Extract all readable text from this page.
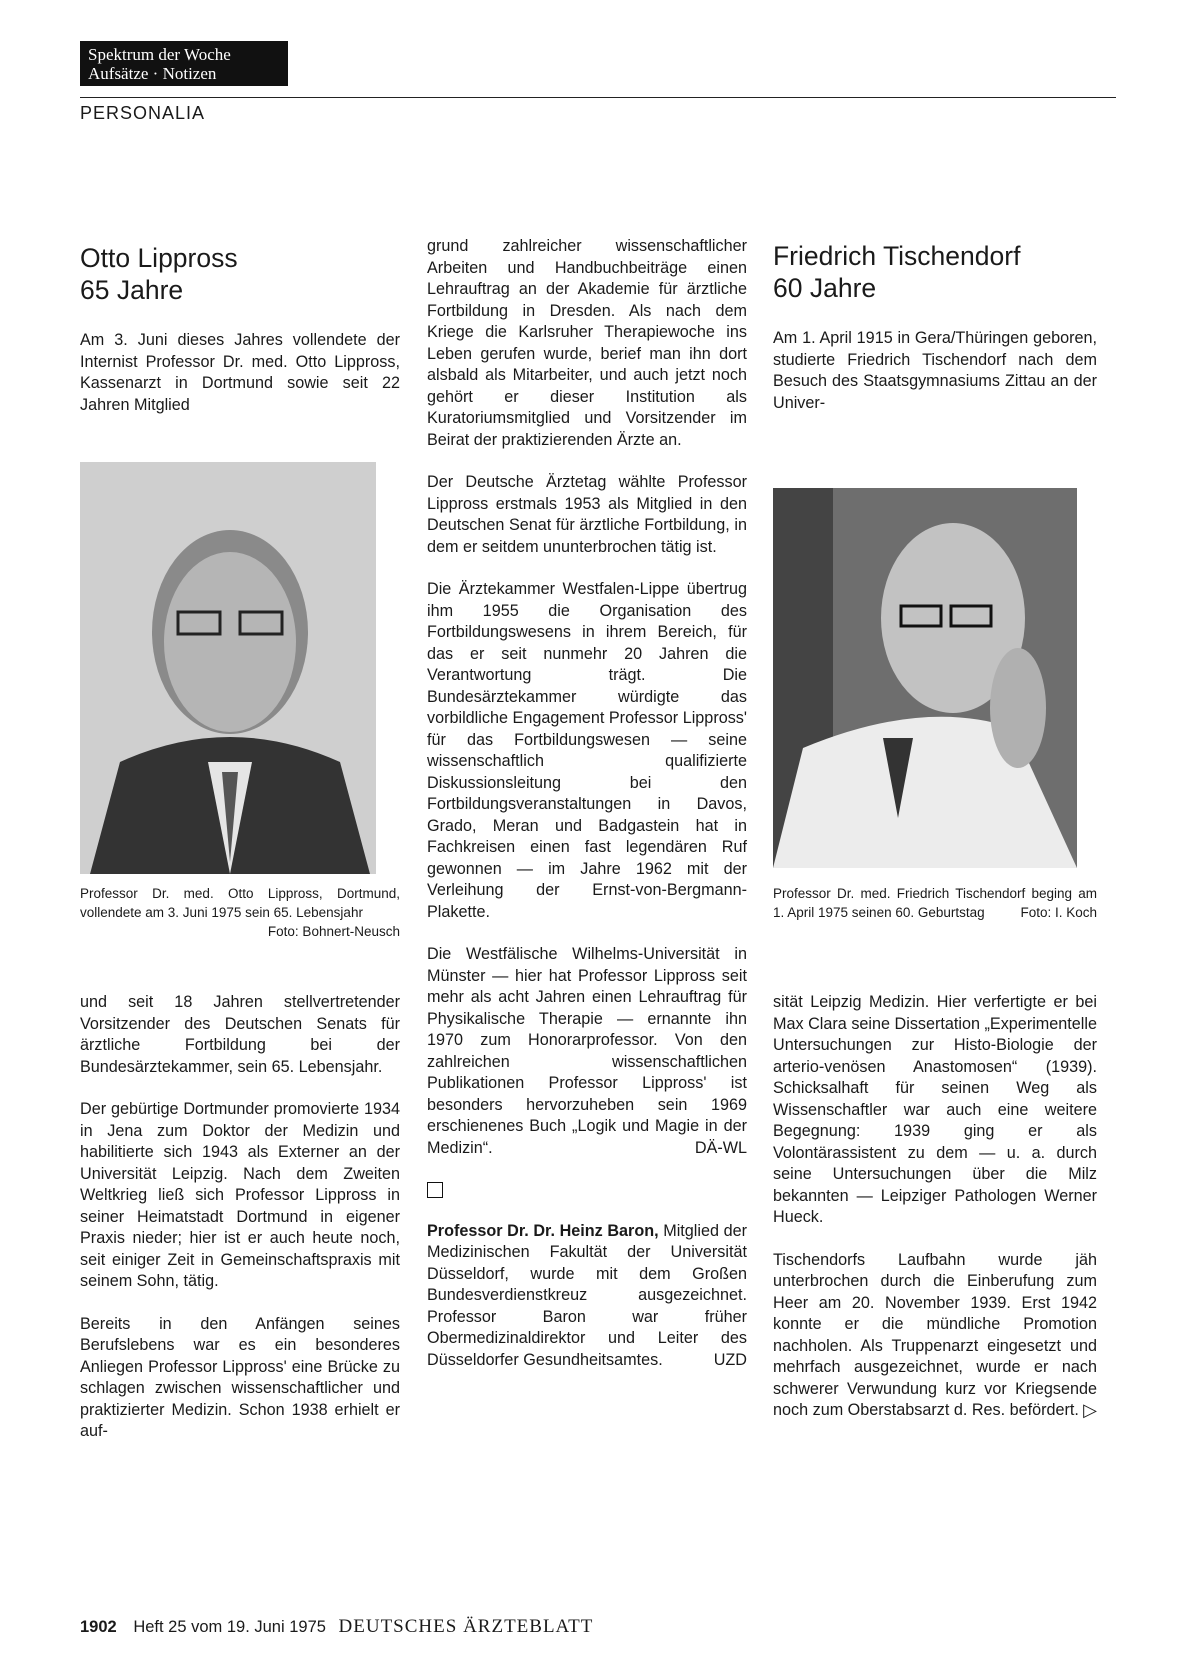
Spektrum der Woche
Aufsätze · Notizen
PERSONALIA
Otto Lippross
65 Jahre

Am 3. Juni dieses Jahres vollendete der Internist Professor Dr. med. Otto Lippross, Kassenarzt in Dortmund sowie seit 22 Jahren Mitglied

Professor Dr. med. Otto Lippross, Dortmund, vollendete am 3. Juni 1975 sein 65. Lebensjahr
Foto: Bohnert-Neusch

und seit 18 Jahren stellvertretender Vorsitzender des Deutschen Senats für ärztliche Fortbildung bei der Bundesärztekammer, sein 65. Lebensjahr.

Der gebürtige Dortmunder promovierte 1934 in Jena zum Doktor der Medizin und habilitierte sich 1943 als Externer an der Universität Leipzig. Nach dem Zweiten Weltkrieg ließ sich Professor Lippross in seiner Heimatstadt Dortmund in eigener Praxis nieder; hier ist er auch heute noch, seit einiger Zeit in Gemeinschaftspraxis mit seinem Sohn, tätig.

Bereits in den Anfängen seines Berufslebens war es ein besonderes Anliegen Professor Lippross' eine Brücke zu schlagen zwischen wissenschaftlicher und praktizierter Medizin. Schon 1938 erhielt er auf-

grund zahlreicher wissenschaftlicher Arbeiten und Handbuchbeiträge einen Lehrauftrag an der Akademie für ärztliche Fortbildung in Dresden. Als nach dem Kriege die Karlsruher Therapiewoche ins Leben gerufen wurde, berief man ihn dort alsbald als Mitarbeiter, und auch jetzt noch gehört er dieser Institution als Kuratoriumsmitglied und Vorsitzender im Beirat der praktizierenden Ärzte an.

Der Deutsche Ärztetag wählte Professor Lippross erstmals 1953 als Mitglied in den Deutschen Senat für ärztliche Fortbildung, in dem er seitdem ununterbrochen tätig ist.

Die Ärztekammer Westfalen-Lippe übertrug ihm 1955 die Organisation des Fortbildungswesens in ihrem Bereich, für das er seit nunmehr 20 Jahren die Verantwortung trägt. Die Bundesärztekammer würdigte das vorbildliche Engagement Professor Lippross' für das Fortbildungswesen — seine wissenschaftlich qualifizierte Diskussionsleitung bei den Fortbildungsveranstaltungen in Davos, Grado, Meran und Badgastein hat in Fachkreisen einen fast legendären Ruf gewonnen — im Jahre 1962 mit der Verleihung der Ernst-von-Bergmann-Plakette.

Die Westfälische Wilhelms-Universität in Münster — hier hat Professor Lippross seit mehr als acht Jahren einen Lehrauftrag für Physikalische Therapie — ernannte ihn 1970 zum Honorarprofessor. Von den zahlreichen wissenschaftlichen Publikationen Professor Lippross' ist besonders hervorzuheben sein 1969 erschienenes Buch „Logik und Magie in der Medizin“.	DÄ-WL

Professor Dr. Dr. Heinz Baron, Mitglied der Medizinischen Fakultät der Universität Düsseldorf, wurde mit dem Großen Bundesverdienstkreuz ausgezeichnet. Professor Baron war früher Obermedizinaldirektor und Leiter des Düsseldorfer Gesundheitsamtes.	UZD

Friedrich Tischendorf
60 Jahre

Am 1. April 1915 in Gera/Thüringen geboren, studierte Friedrich Tischendorf nach dem Besuch des Staatsgymnasiums Zittau an der Univer-

Professor Dr. med. Friedrich Tischendorf beging am 1. April 1975 seinen 60. Geburtstag	Foto: I. Koch

sität Leipzig Medizin. Hier verfertigte er bei Max Clara seine Dissertation „Experimentelle Untersuchungen zur Histo-Biologie der arterio-venösen Anastomosen“ (1939). Schicksalhaft für seinen Weg als Wissenschaftler war auch eine weitere Begegnung: 1939 ging er als Volontärassistent zu dem — u. a. durch seine Untersuchungen über die Milz bekannten — Leipziger Pathologen Werner Hueck.

Tischendorfs Laufbahn wurde jäh unterbrochen durch die Einberufung zum Heer am 20. November 1939. Erst 1942 konnte er die mündliche Promotion nachholen. Als Truppenarzt eingesetzt und mehrfach ausgezeichnet, wurde er nach schwerer Verwundung kurz vor Kriegsende noch zum Oberstabsarzt d. Res. befördert. ▷

1902 Heft 25 vom 19. Juni 1975 DEUTSCHES ÄRZTEBLATT
